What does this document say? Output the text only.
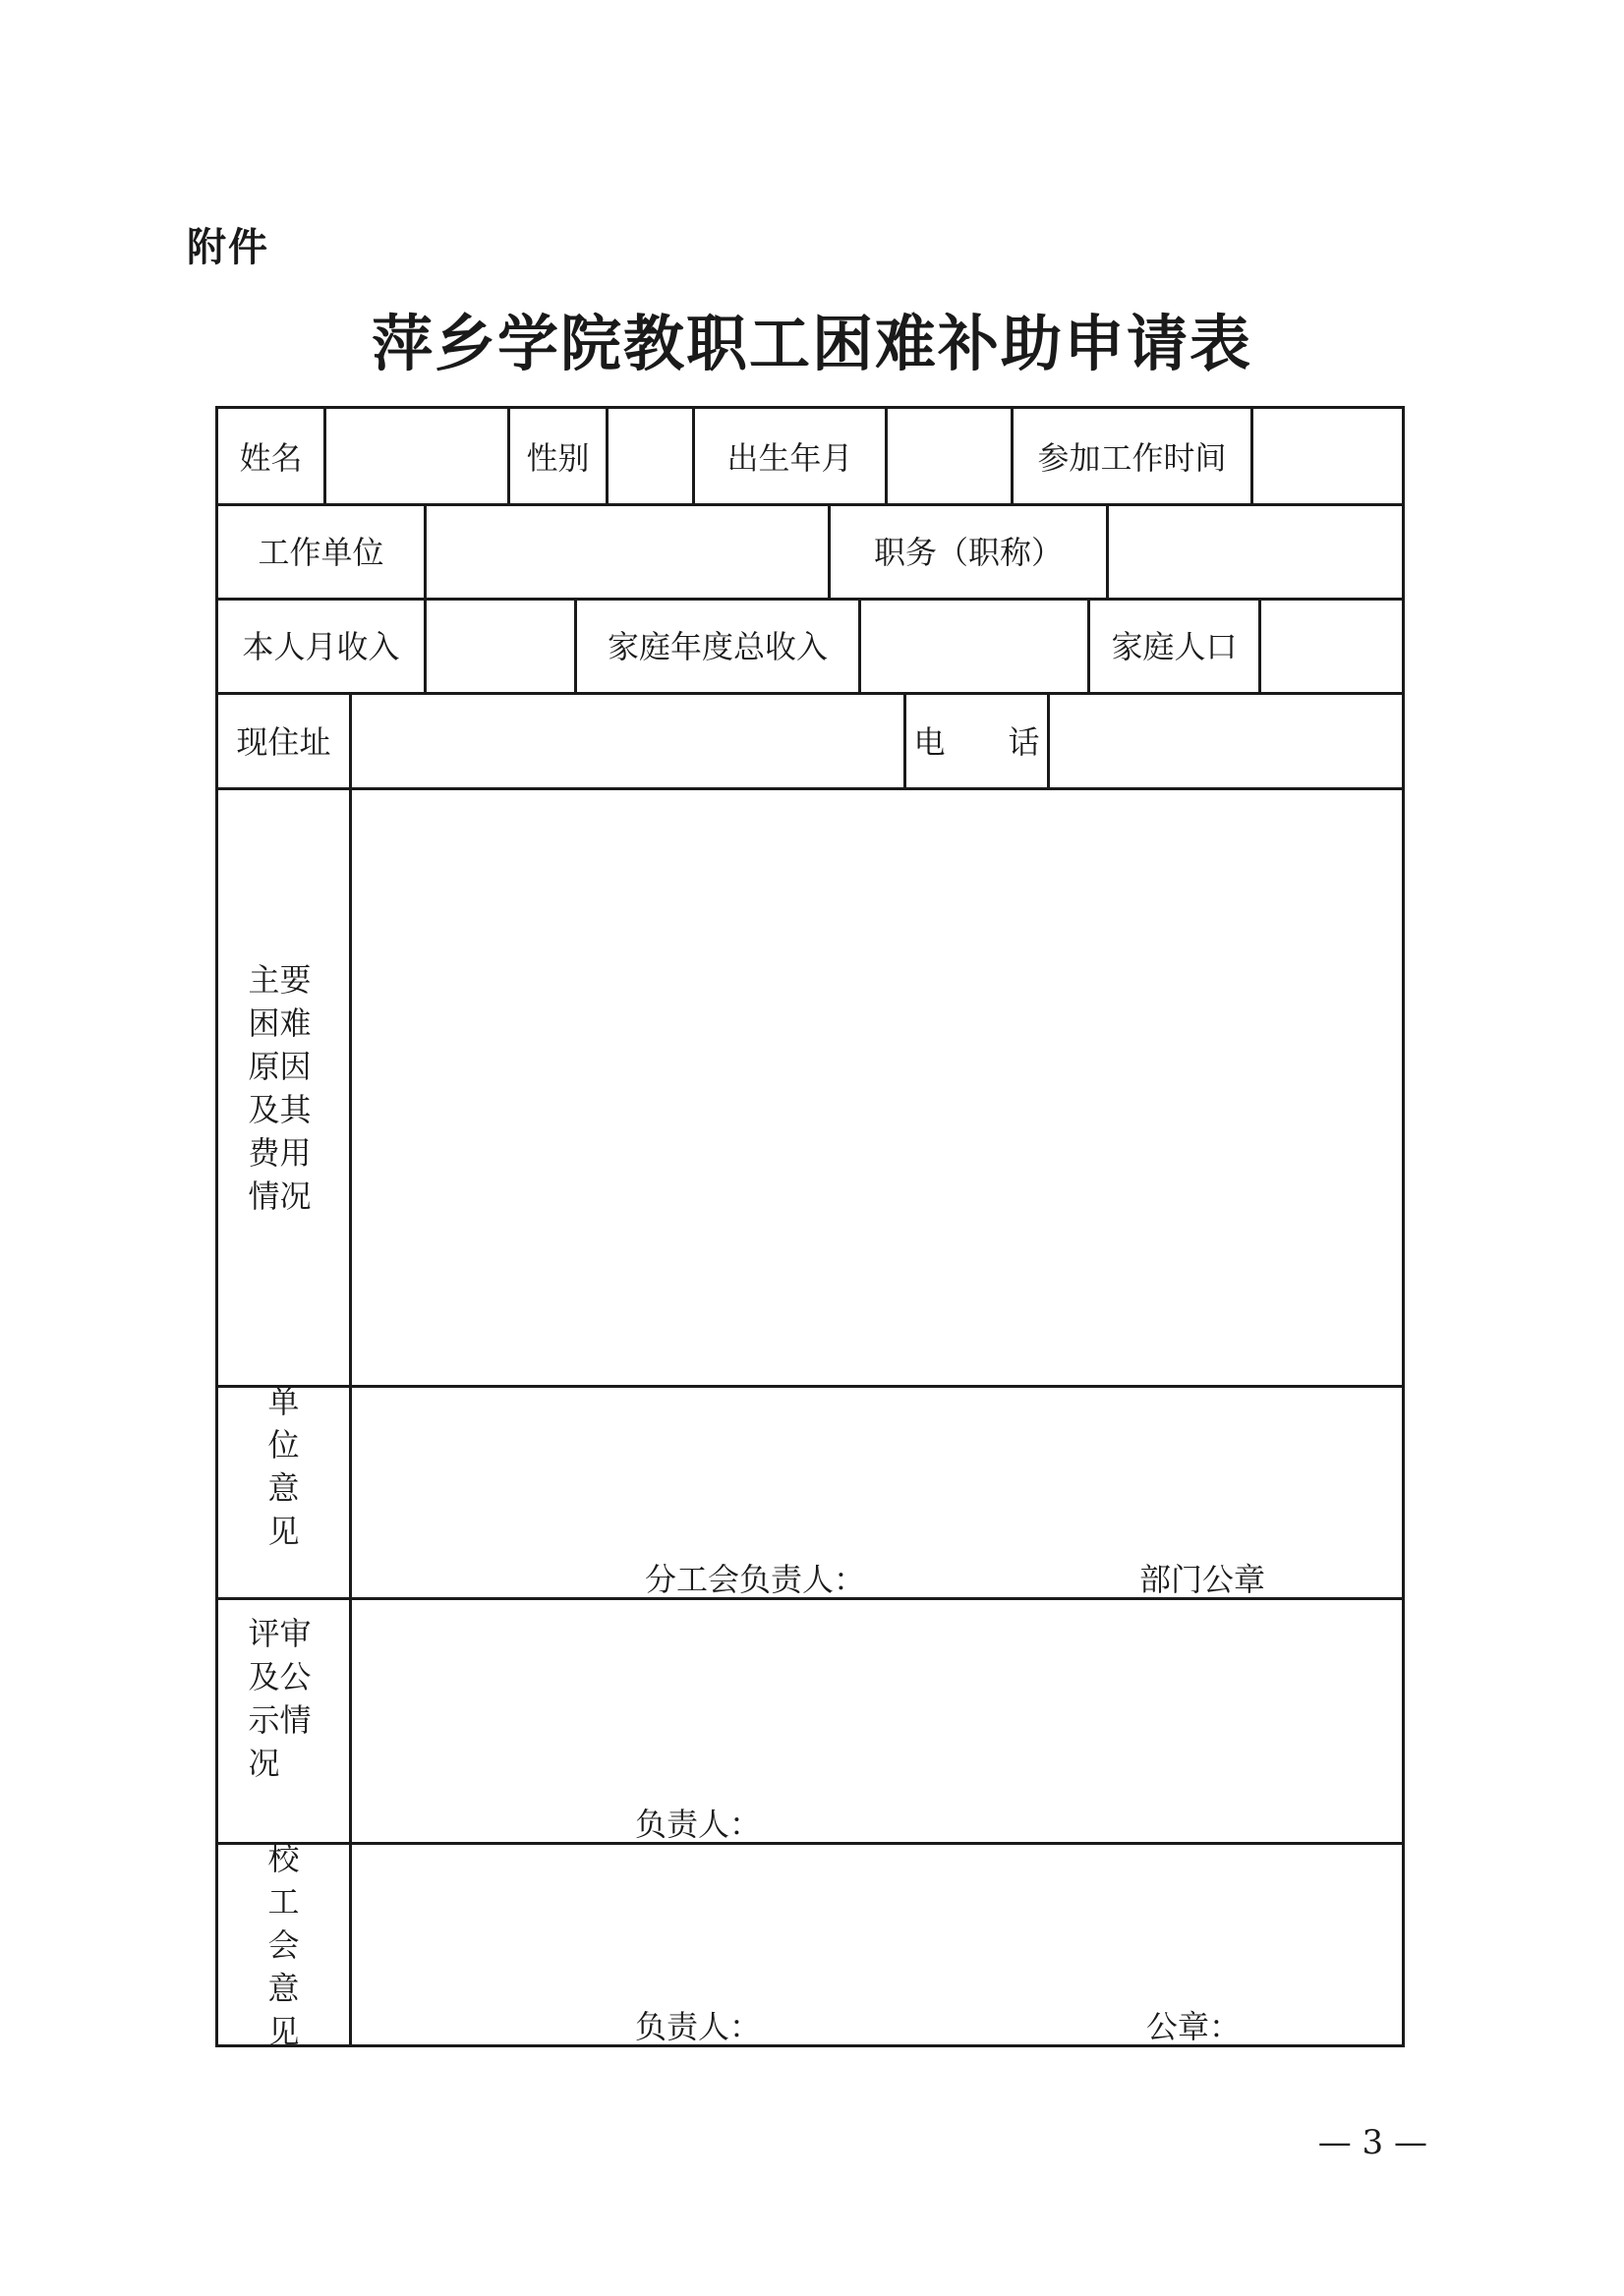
附件
萍乡学院教职工困难补助申请表
姓名	性别	出生年月	参加工作时间
工作单位	职务（职称）
本人月收入	家庭年度总收入	家庭人口
现住址	电　　话
主要困难原因及其费用情况
单位意见
分工会负责人：	部门公章
评审及公示情况
负责人：
校工会意见	负责人：	公章：
— 3 —
